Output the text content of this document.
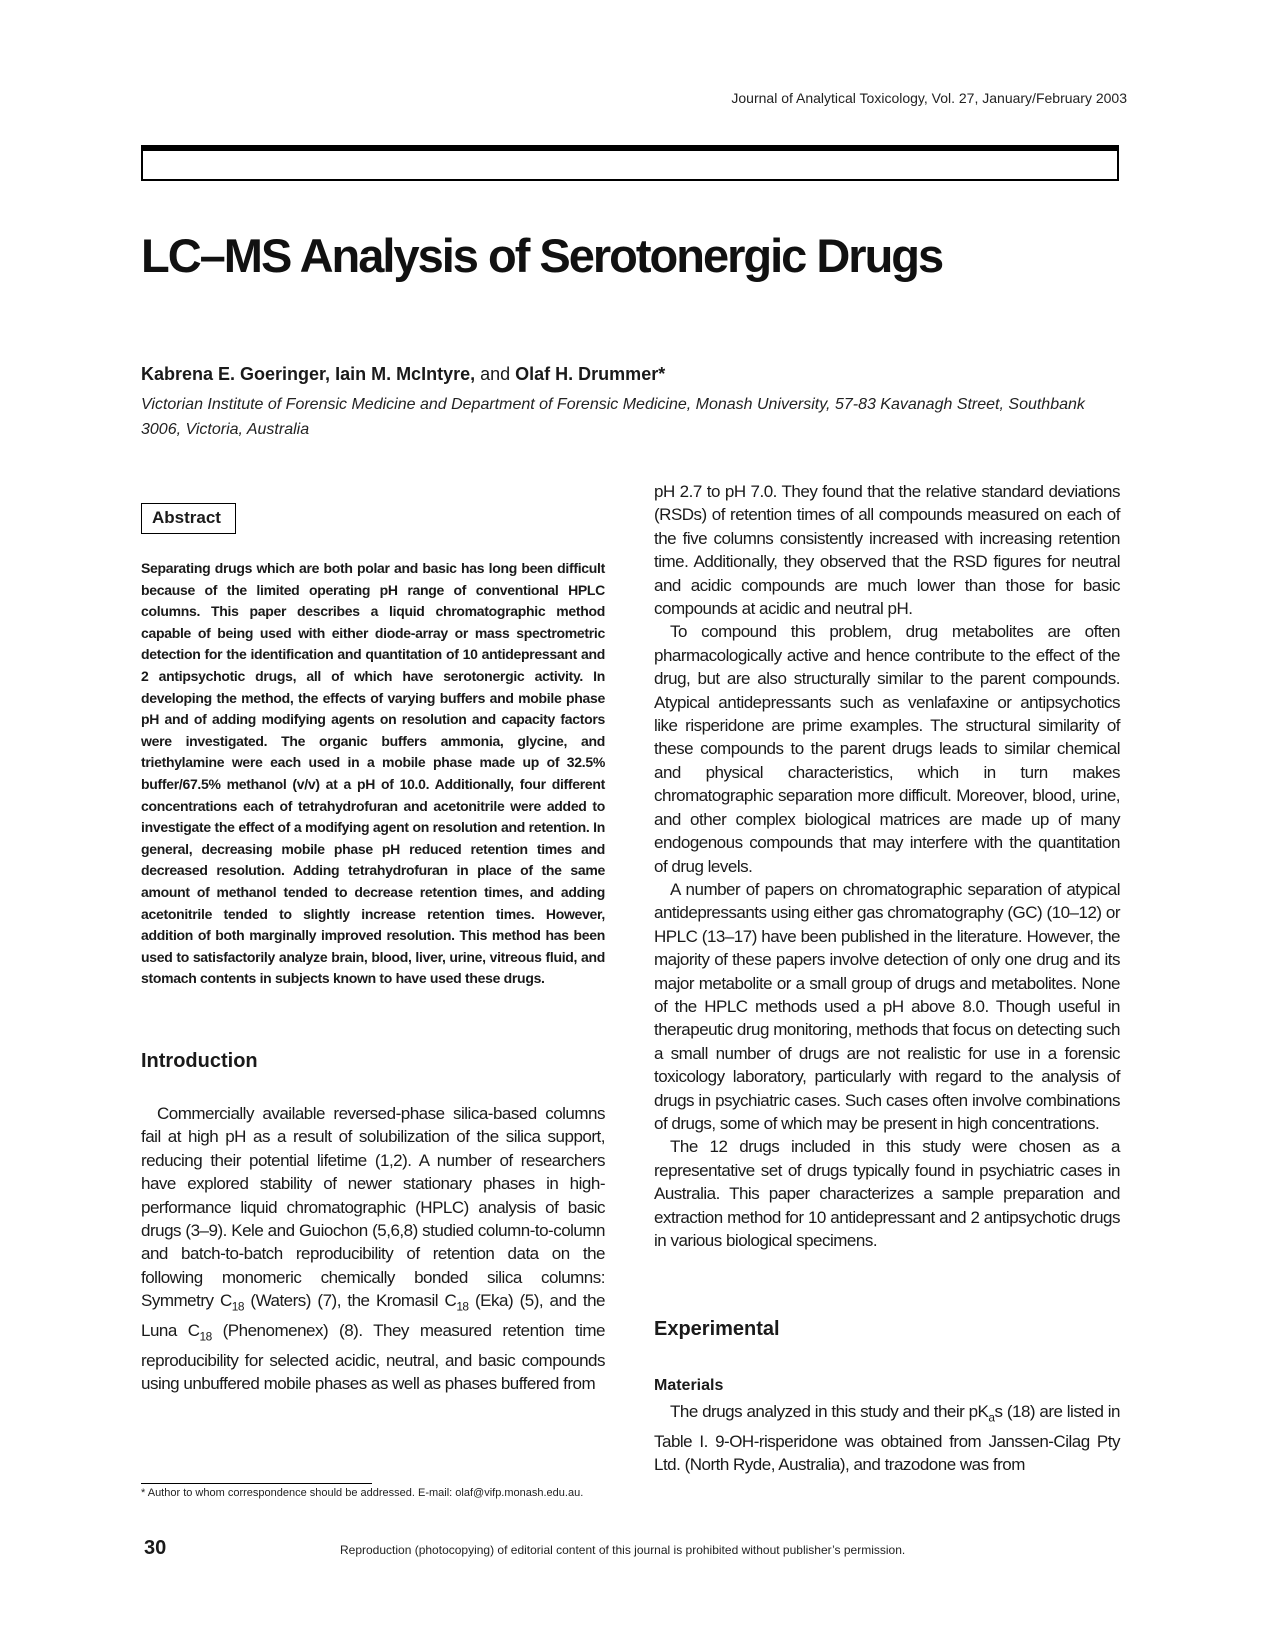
Journal of Analytical Toxicology, Vol. 27, January/February 2003
LC–MS Analysis of Serotonergic Drugs
Kabrena E. Goeringer, Iain M. McIntyre, and Olaf H. Drummer*
Victorian Institute of Forensic Medicine and Department of Forensic Medicine, Monash University, 57-83 Kavanagh Street, Southbank 3006, Victoria, Australia
Abstract
Separating drugs which are both polar and basic has long been difficult because of the limited operating pH range of conventional HPLC columns. This paper describes a liquid chromatographic method capable of being used with either diode-array or mass spectrometric detection for the identification and quantitation of 10 antidepressant and 2 antipsychotic drugs, all of which have serotonergic activity. In developing the method, the effects of varying buffers and mobile phase pH and of adding modifying agents on resolution and capacity factors were investigated. The organic buffers ammonia, glycine, and triethylamine were each used in a mobile phase made up of 32.5% buffer/67.5% methanol (v/v) at a pH of 10.0. Additionally, four different concentrations each of tetrahydrofuran and acetonitrile were added to investigate the effect of a modifying agent on resolution and retention. In general, decreasing mobile phase pH reduced retention times and decreased resolution. Adding tetrahydrofuran in place of the same amount of methanol tended to decrease retention times, and adding acetonitrile tended to slightly increase retention times. However, addition of both marginally improved resolution. This method has been used to satisfactorily analyze brain, blood, liver, urine, vitreous fluid, and stomach contents in subjects known to have used these drugs.
Introduction

Commercially available reversed-phase silica-based columns fail at high pH as a result of solubilization of the silica support, reducing their potential lifetime (1,2). A number of researchers have explored stability of newer stationary phases in high-performance liquid chromatographic (HPLC) analysis of basic drugs (3–9). Kele and Guiochon (5,6,8) studied column-to-column and batch-to-batch reproducibility of retention data on the following monomeric chemically bonded silica columns: Symmetry $C_{18}$ (Waters) (7), the Kromasil $C_{18}$ (Eka) (5), and the Luna $C_{18}$ (Phenomenex) (8). They measured retention time reproducibility for selected acidic, neutral, and basic compounds using unbuffered mobile phases as well as phases buffered from

pH 2.7 to pH 7.0. They found that the relative standard deviations (RSDs) of retention times of all compounds measured on each of the five columns consistently increased with increasing retention time. Additionally, they observed that the RSD figures for neutral and acidic compounds are much lower than those for basic compounds at acidic and neutral pH.

To compound this problem, drug metabolites are often pharmacologically active and hence contribute to the effect of the drug, but are also structurally similar to the parent compounds. Atypical antidepressants such as venlafaxine or antipsychotics like risperidone are prime examples. The structural similarity of these compounds to the parent drugs leads to similar chemical and physical characteristics, which in turn makes chromatographic separation more difficult. Moreover, blood, urine, and other complex biological matrices are made up of many endogenous compounds that may interfere with the quantitation of drug levels.

A number of papers on chromatographic separation of atypical antidepressants using either gas chromatography (GC) (10–12) or HPLC (13–17) have been published in the literature. However, the majority of these papers involve detection of only one drug and its major metabolite or a small group of drugs and metabolites. None of the HPLC methods used a pH above 8.0. Though useful in therapeutic drug monitoring, methods that focus on detecting such a small number of drugs are not realistic for use in a forensic toxicology laboratory, particularly with regard to the analysis of drugs in psychiatric cases. Such cases often involve combinations of drugs, some of which may be present in high concentrations.

The 12 drugs included in this study were chosen as a representative set of drugs typically found in psychiatric cases in Australia. This paper characterizes a sample preparation and extraction method for 10 antidepressant and 2 antipsychotic drugs in various biological specimens.

Experimental
Materials

The drugs analyzed in this study and their $pK_as$ (18) are listed in Table I. 9-OH-risperidone was obtained from Janssen-Cilag Pty Ltd. (North Ryde, Australia), and trazodone was from

* Author to whom correspondence should be addressed. E-mail: olaf@vifp.monash.edu.au.
30	Reproduction (photocopying) of editorial content of this journal is prohibited without publisher’s permission.
